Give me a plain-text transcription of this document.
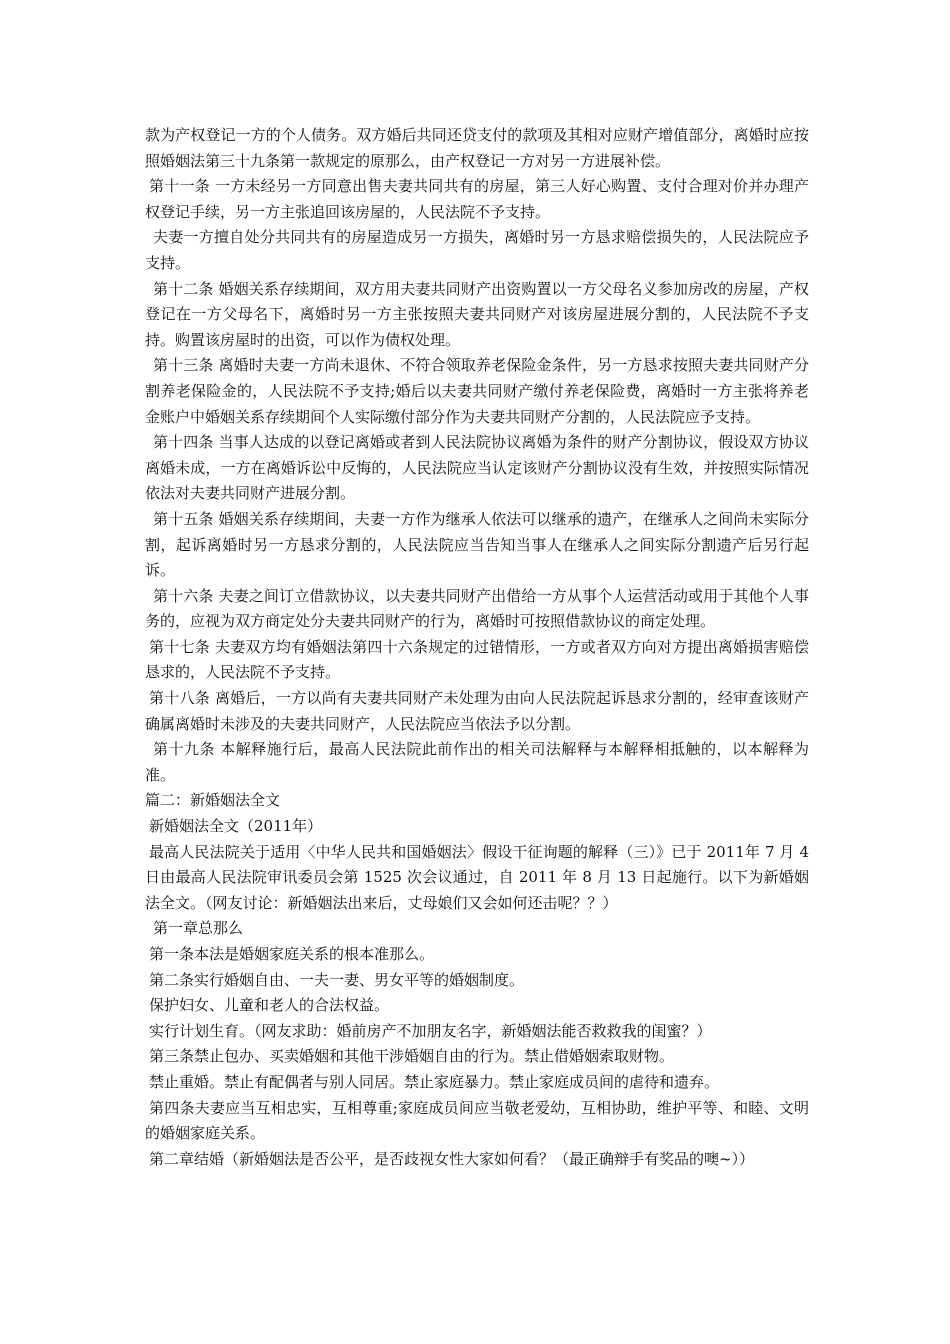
款为产权登记一方的个人债务。双方婚后共同还贷支付的款项及其相对应财产增值部分，离婚时应按照婚姻法第三十九条第一款规定的原那么，由产权登记一方对另一方进展补偿。

第十一条 一方未经另一方同意出售夫妻共同共有的房屋，第三人好心购置、支付合理对价并办理产权登记手续，另一方主张追回该房屋的，人民法院不予支持。

夫妻一方擅自处分共同共有的房屋造成另一方损失，离婚时另一方恳求赔偿损失的，人民法院应予支持。

第十二条 婚姻关系存续期间，双方用夫妻共同财产出资购置以一方父母名义参加房改的房屋，产权登记在一方父母名下，离婚时另一方主张按照夫妻共同财产对该房屋进展分割的，人民法院不予支持。购置该房屋时的出资，可以作为债权处理。

第十三条 离婚时夫妻一方尚未退休、不符合领取养老保险金条件，另一方恳求按照夫妻共同财产分割养老保险金的，人民法院不予支持;婚后以夫妻共同财产缴付养老保险费，离婚时一方主张将养老金账户中婚姻关系存续期间个人实际缴付部分作为夫妻共同财产分割的，人民法院应予支持。

第十四条 当事人达成的以登记离婚或者到人民法院协议离婚为条件的财产分割协议，假设双方协议离婚未成，一方在离婚诉讼中反悔的，人民法院应当认定该财产分割协议没有生效，并按照实际情况依法对夫妻共同财产进展分割。

第十五条 婚姻关系存续期间，夫妻一方作为继承人依法可以继承的遗产，在继承人之间尚未实际分割，起诉离婚时另一方恳求分割的，人民法院应当告知当事人在继承人之间实际分割遗产后另行起诉。

第十六条 夫妻之间订立借款协议，以夫妻共同财产出借给一方从事个人运营活动或用于其他个人事务的，应视为双方商定处分夫妻共同财产的行为，离婚时可按照借款协议的商定处理。

第十七条 夫妻双方均有婚姻法第四十六条规定的过错情形，一方或者双方向对方提出离婚损害赔偿恳求的，人民法院不予支持。

第十八条 离婚后，一方以尚有夫妻共同财产未处理为由向人民法院起诉恳求分割的，经审查该财产确属离婚时未涉及的夫妻共同财产，人民法院应当依法予以分割。

第十九条 本解释施行后，最高人民法院此前作出的相关司法解释与本解释相抵触的，以本解释为准。

篇二：新婚姻法全文

新婚姻法全文（2011年）

最高人民法院关于适用〈中华人民共和国婚姻法〉假设干征询题的解释（三）》已于 2011年 7 月 4 日由最高人民法院审讯委员会第 1525 次会议通过，自 2011 年 8 月 13 日起施行。以下为新婚姻法全文。（网友讨论：新婚姻法出来后，丈母娘们又会如何还击呢？？）

第一章总那么

第一条本法是婚姻家庭关系的根本准那么。

第二条实行婚姻自由、一夫一妻、男女平等的婚姻制度。

保护妇女、儿童和老人的合法权益。

实行计划生育。（网友求助：婚前房产不加朋友名字，新婚姻法能否救救我的闺蜜？）

第三条禁止包办、买卖婚姻和其他干涉婚姻自由的行为。禁止借婚姻索取财物。

禁止重婚。禁止有配偶者与别人同居。禁止家庭暴力。禁止家庭成员间的虐待和遗弃。

第四条夫妻应当互相忠实，互相尊重;家庭成员间应当敬老爱幼，互相协助，维护平等、和睦、文明的婚姻家庭关系。

第二章结婚（新婚姻法是否公平，是否歧视女性大家如何看？（最正确辩手有奖品的噢~））
